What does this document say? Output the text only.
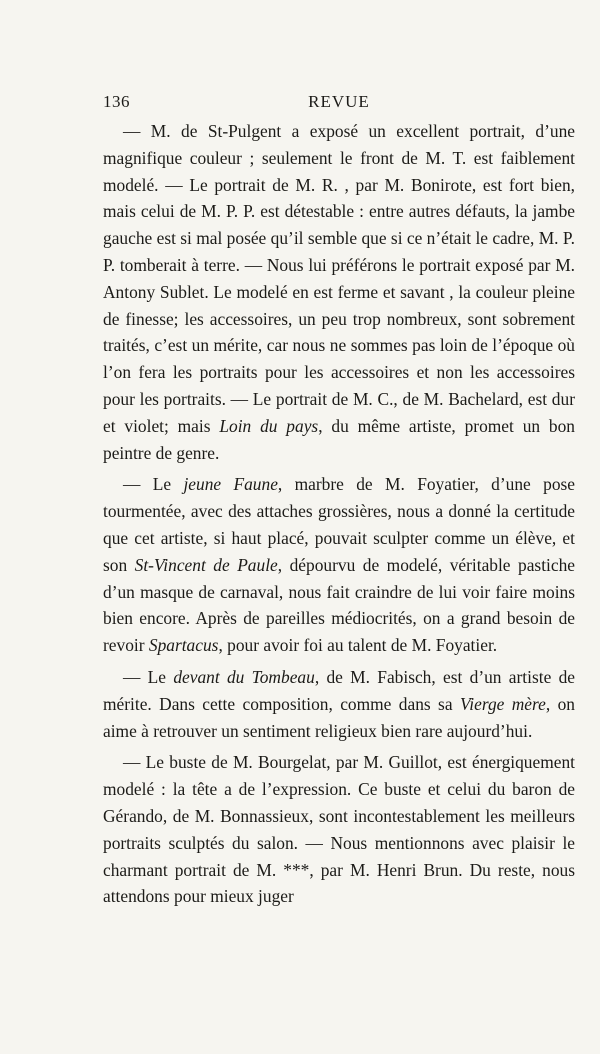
136	REVUE

— M. de St-Pulgent a exposé un excellent portrait, d’une magnifique couleur ; seulement le front de M. T. est faiblement modelé. — Le portrait de M. R. , par M. Bonirote, est fort bien, mais celui de M. P. P. est détestable : entre autres défauts, la jambe gauche est si mal posée qu’il semble que si ce n’était le cadre, M. P. P. tomberait à terre. — Nous lui préférons le portrait exposé par M. Antony Sublet. Le modelé en est ferme et savant , la couleur pleine de finesse; les accessoires, un peu trop nombreux, sont sobrement traités, c’est un mérite, car nous ne sommes pas loin de l’époque où l’on fera les portraits pour les accessoires et non les accessoires pour les portraits. — Le portrait de M. C., de M. Bachelard, est dur et violet; mais Loin du pays, du même artiste, promet un bon peintre de genre.

— Le jeune Faune, marbre de M. Foyatier, d’une pose tourmentée, avec des attaches grossières, nous a donné la certitude que cet artiste, si haut placé, pouvait sculpter comme un élève, et son St-Vincent de Paule, dépourvu de modelé, véritable pastiche d’un masque de carnaval, nous fait craindre de lui voir faire moins bien encore. Après de pareilles médiocrités, on a grand besoin de revoir Spartacus, pour avoir foi au talent de M. Foyatier.

— Le devant du Tombeau, de M. Fabisch, est d’un artiste de mérite. Dans cette composition, comme dans sa Vierge mère, on aime à retrouver un sentiment religieux bien rare aujourd’hui.

— Le buste de M. Bourgelat, par M. Guillot, est énergiquement modelé : la tête a de l’expression. Ce buste et celui du baron de Gérando, de M. Bonnassieux, sont incontestablement les meilleurs portraits sculptés du salon. — Nous mentionnons avec plaisir le charmant portrait de M. ***, par M. Henri Brun. Du reste, nous attendons pour mieux juger
